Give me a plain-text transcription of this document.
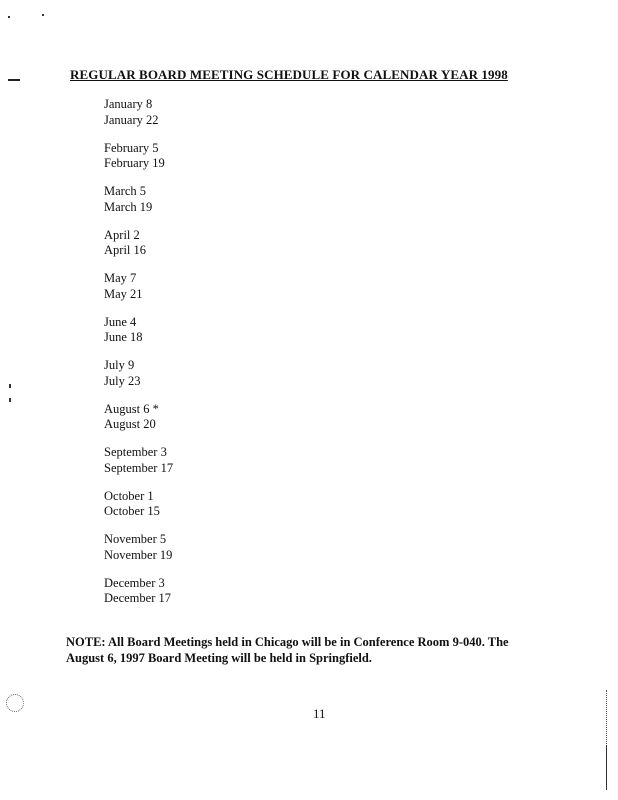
REGULAR BOARD MEETING SCHEDULE FOR CALENDAR YEAR 1998
January 8
January 22
February 5
February 19
March 5
March 19
April 2
April 16
May 7
May 21
June 4
June 18
July 9
July 23
August 6 *
August 20
September 3
September 17
October 1
October 15
November 5
November 19
December 3
December 17
NOTE: All Board Meetings held in Chicago will be in Conference Room 9-040. The August 6, 1997 Board Meeting will be held in Springfield.
11
